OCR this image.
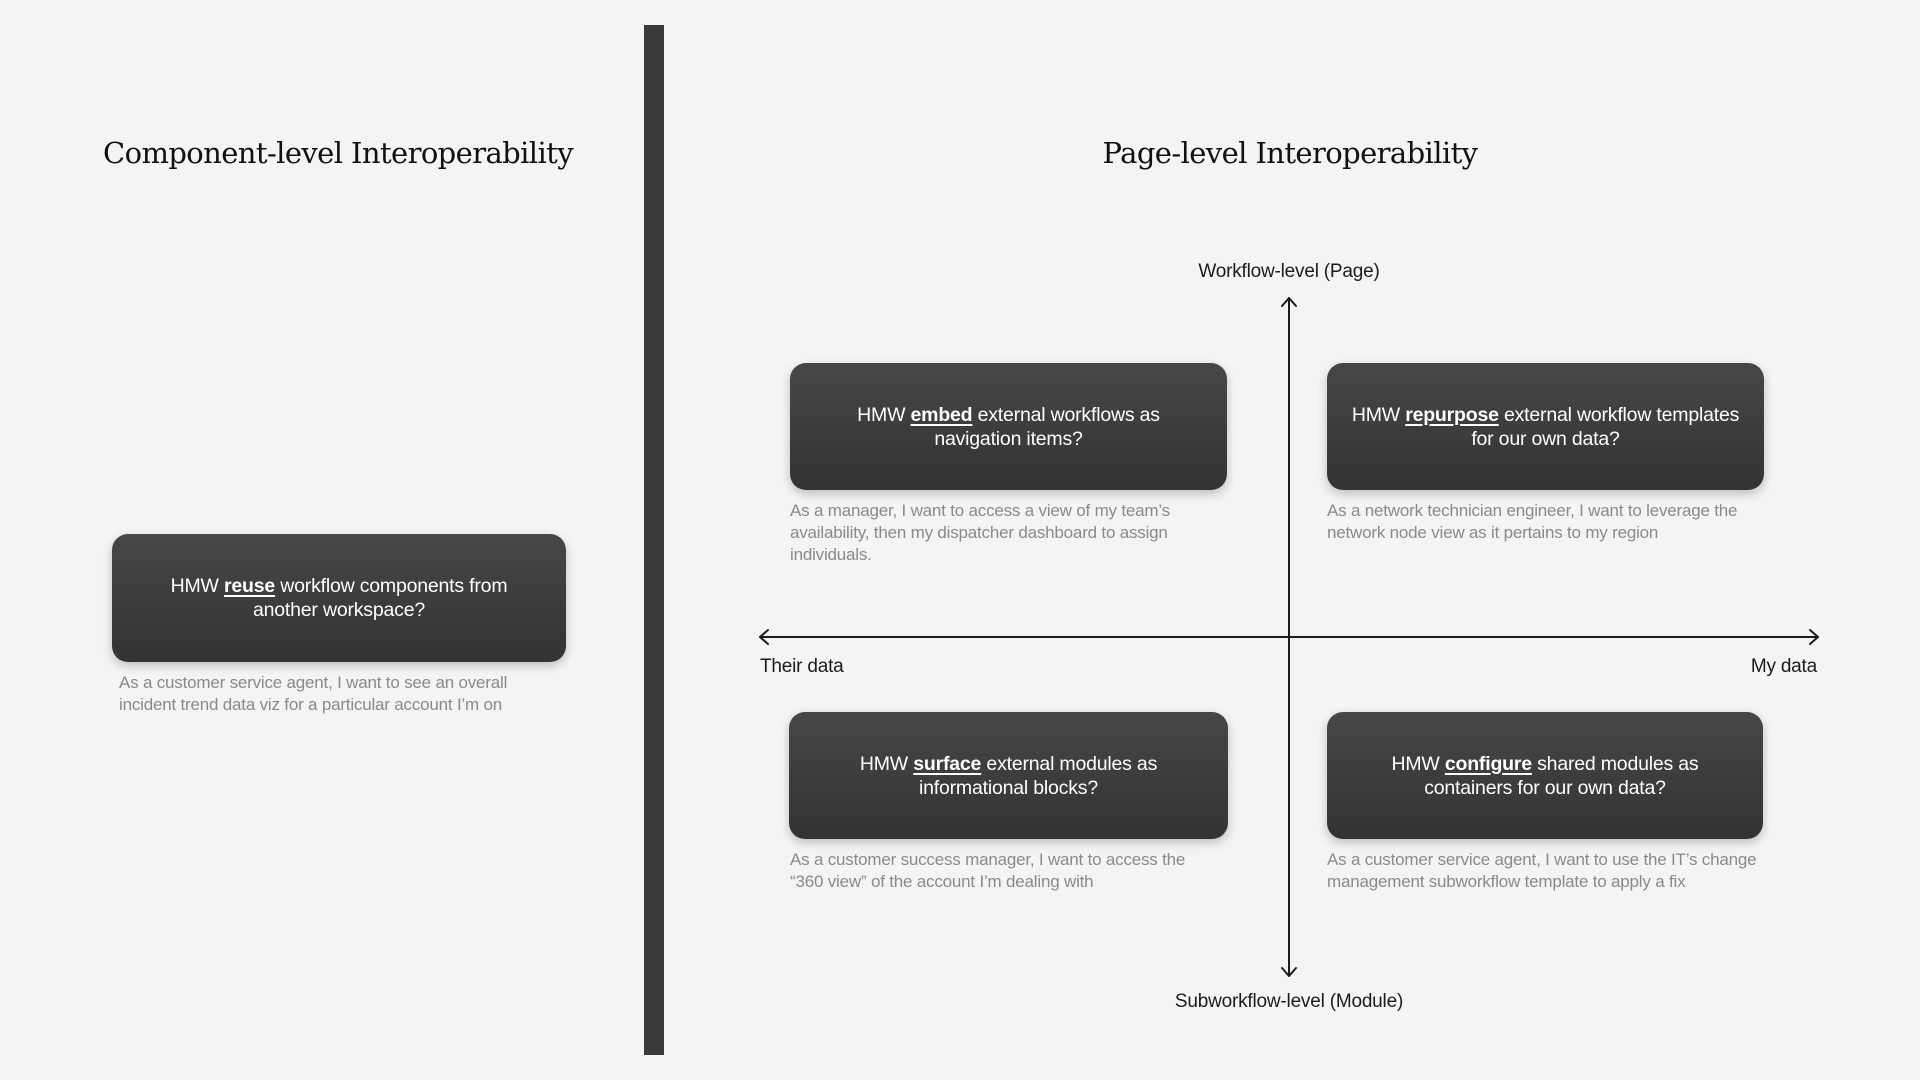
Component-level Interoperability
HMW reuse workflow components from another workspace?

As a customer service agent, I want to see an overall incident trend data viz for a particular account I’m on

Page-level Interoperability

Workflow-level (Page)

Subworkflow-level (Module)

Their data	My data

HMW embed external workflows as navigation items?

As a manager, I want to access a view of my team’s availability, then my dispatcher dashboard to assign individuals.

HMW repurpose external workflow templates for our own data?

As a network technician engineer, I want to leverage the network node view as it pertains to my region

HMW surface external modules as informational blocks?

As a customer success manager, I want to access the “360 view” of the account I’m dealing with

HMW configure shared modules as containers for our own data?

As a customer service agent, I want to use the IT’s change management subworkflow template to apply a fix
